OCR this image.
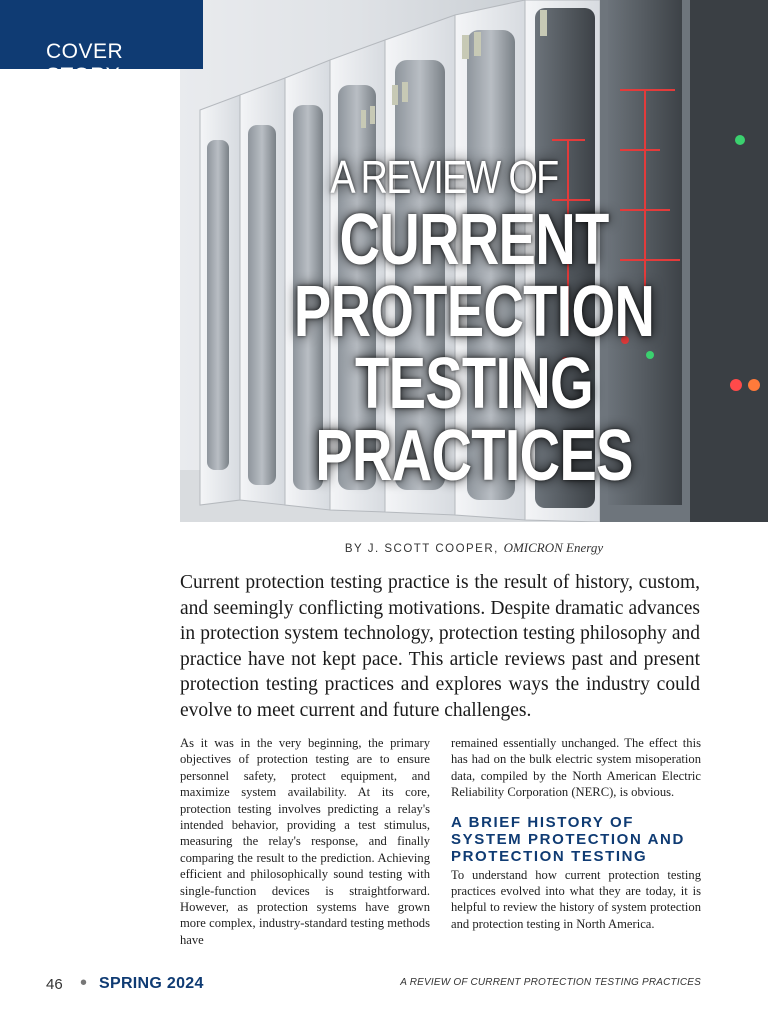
COVER STORY
A REVIEW OF
CURRENT
PROTECTION
TESTING
PRACTICES
BY J. SCOTT COOPER, OMICRON Energy
Current protection testing practice is the result of history, custom, and seemingly conflicting motivations. Despite dramatic advances in protection system technology, protection testing philosophy and practice have not kept pace. This article reviews past and present protection testing practices and explores ways the industry could evolve to meet current and future challenges.

As it was in the very beginning, the primary objectives of protection testing are to ensure personnel safety, protect equipment, and maximize system availability. At its core, protection testing involves predicting a relay's intended behavior, providing a test stimulus, measuring the relay's response, and finally comparing the result to the prediction. Achieving efficient and philosophically sound testing with single-function devices is straightforward. However, as protection systems have grown more complex, industry-standard testing methods have

remained essentially unchanged. The effect this has had on the bulk electric system misoperation data, compiled by the North American Electric Reliability Corporation (NERC), is obvious.

A BRIEF HISTORY OF SYSTEM PROTECTION AND PROTECTION TESTING

To understand how current protection testing practices evolved into what they are today, it is helpful to review the history of system protection and protection testing in North America.

46 • SPRING 2024	A REVIEW OF CURRENT PROTECTION TESTING PRACTICES
